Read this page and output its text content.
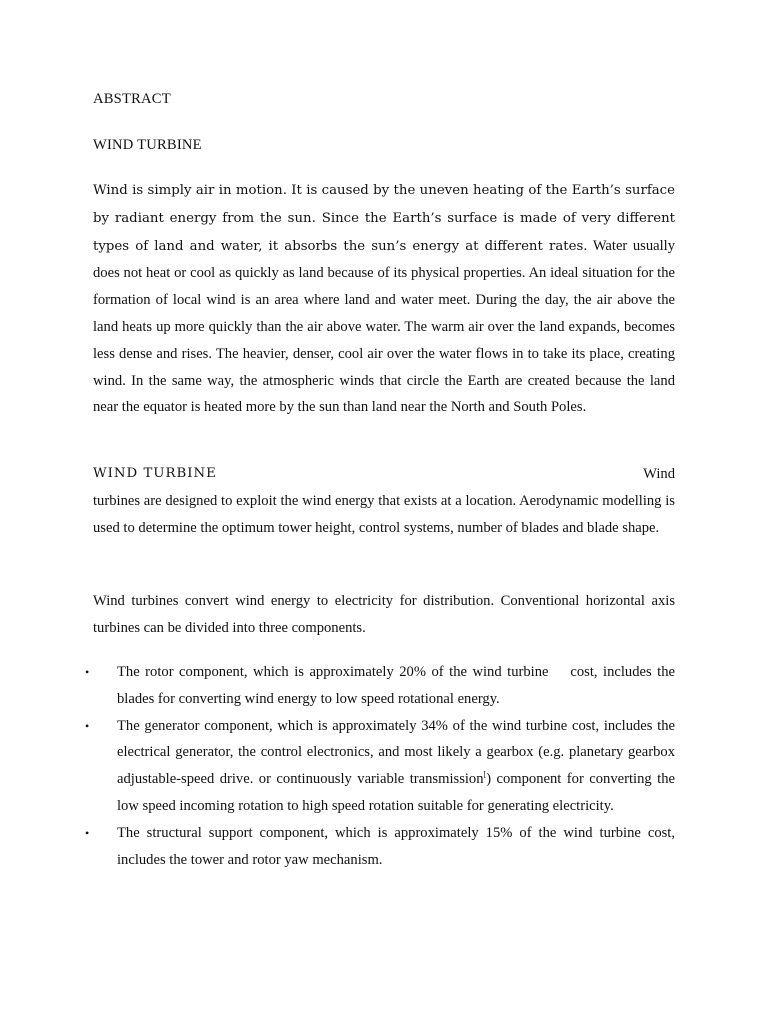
ABSTRACT
WIND TURBINE
Wind is simply air in motion. It is caused by the uneven heating of the Earth’s surface by radiant energy from the sun. Since the Earth’s surface is made of very different types of land and water, it absorbs the sun’s energy at different rates. Water usually does not heat or cool as quickly as land because of its physical properties. An ideal situation for the formation of local wind is an area where land and water meet. During the day, the air above the land heats up more quickly than the air above water. The warm air over the land expands, becomes less dense and rises. The heavier, denser, cool air over the water flows in to take its place, creating wind. In the same way, the atmospheric winds that circle the Earth are created because the land near the equator is heated more by the sun than land near the North and South Poles.
WIND TURBINE	Wind
turbines are designed to exploit the wind energy that exists at a location. Aerodynamic modelling is used to determine the optimum tower height, control systems, number of blades and blade shape.
Wind turbines convert wind energy to electricity for distribution. Conventional horizontal axis turbines can be divided into three components.
•	The rotor component, which is approximately 20% of the wind turbine  cost, includes the blades for converting wind energy to low speed rotational energy.
•	The generator component, which is approximately 34% of the wind turbine cost, includes the electrical generator, the control electronics, and most likely a gearbox (e.g. planetary gearbox adjustable-speed drive. or continuously variable transmission[) component for converting the low speed incoming rotation to high speed rotation suitable for generating electricity.
•	The structural support component, which is approximately 15% of the wind turbine cost, includes the tower and rotor yaw mechanism.
